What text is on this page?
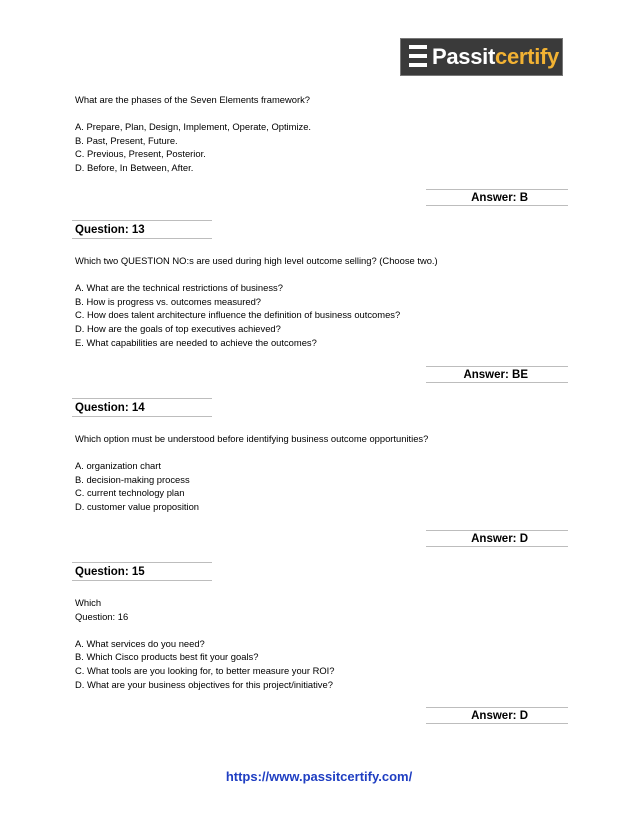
Passitcertify

What are the phases of the Seven Elements framework?

A. Prepare, Plan, Design, Implement, Operate, Optimize.

B. Past, Present, Future.

C. Previous, Present, Posterior.

D. Before, In Between, After.

Answer: B
Question: 13

Which two QUESTION NO:s are used during high level outcome selling? (Choose two.)

A. What are the technical restrictions of business?

B. How is progress vs. outcomes measured?

C. How does talent architecture influence the definition of business outcomes?

D. How are the goals of top executives achieved?

E. What capabilities are needed to achieve the outcomes?

Answer: BE
Question: 14

Which option must be understood before identifying business outcome opportunities?

A. organization chart

B. decision-making process

C. current technology plan

D. customer value proposition

Answer: D
Question: 15

Which

Question: 16

A. What services do you need?

B. Which Cisco products best fit your goals?

C. What tools are you looking for, to better measure your ROI?

D. What are your business objectives for this project/initiative?

Answer: D
https://www.passitcertify.com/
